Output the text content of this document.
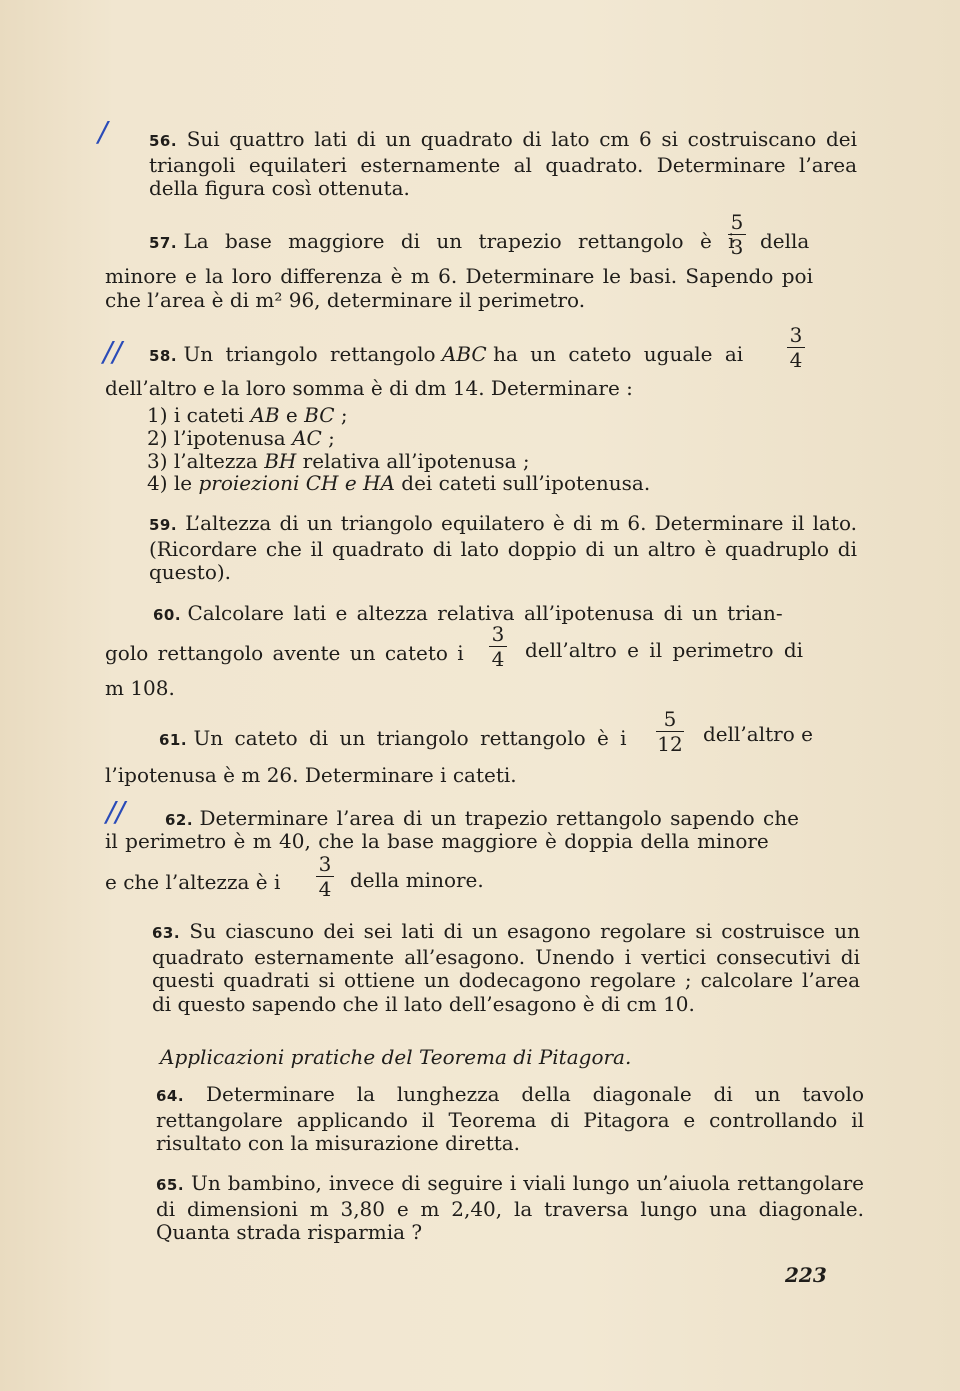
/	56. Sui quattro lati di un quadrato di lato cm 6 si costruiscano dei triangoli equilateri esternamente al quadrato. Determinare l’area della figura così ottenuta.
57. La base maggiore di un trapezio rettangolo è i
5
3 della
minore e la loro differenza è m 6. Determinare le basi. Sapendo poi che l’area è di m² 96, determinare il perimetro.
//	58. Un triangolo rettangolo ABC ha un cateto uguale ai
3
4
dell’altro e la loro somma è di dm 14. Determinare :
1) i cateti AB e BC ;
2) l’ipotenusa AC ;
3) l’altezza BH relativa all’ipotenusa ;
4) le proiezioni CH e HA dei cateti sull’ipotenusa.
59. L’altezza di un triangolo equilatero è di m 6. Determinare il lato. (Ricordare che il quadrato di lato doppio di un altro è quadruplo di questo).
60. Calcolare lati e altezza relativa all’ipotenusa di un trian-
golo rettangolo avente un cateto i
3
4	dell’altro e il perimetro di
m 108.
61. Un cateto di un triangolo rettangolo è i
5
12 dell’altro e
l’ipotenusa è m 26. Determinare i cateti.
//	62. Determinare l’area di un trapezio rettangolo sapendo che
il perimetro è m 40, che la base maggiore è doppia della minore
e che l’altezza è i
3
4 della minore.
63. Su ciascuno dei sei lati di un esagono regolare si costruisce un quadrato esternamente all’esagono. Unendo i vertici consecutivi di questi quadrati si ottiene un dodecagono regolare ; calcolare l’area di questo sapendo che il lato dell’esagono è di cm 10.
Applicazioni pratiche del Teorema di Pitagora.
64. Determinare la lunghezza della diagonale di un tavolo rettangolare applicando il Teorema di Pitagora e controllando il risultato con la misurazione diretta.
65. Un bambino, invece di seguire i viali lungo un’aiuola rettangolare di dimensioni m 3,80 e m 2,40, la traversa lungo una diagonale. Quanta strada risparmia ?
223
